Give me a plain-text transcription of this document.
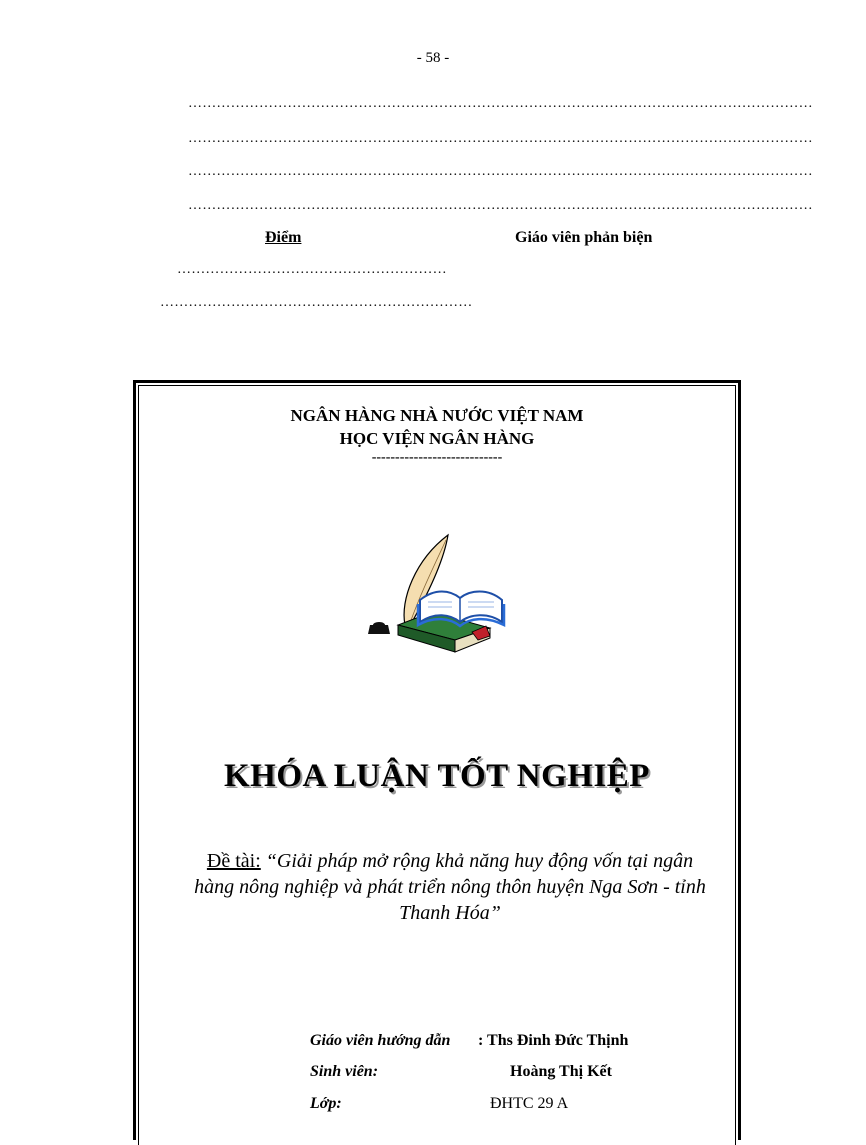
- 58 -
……………………………………………………………………………………………………………………
……………………………………………………………………………………………………………………
……………………………………………………………………………………………………………………
……………………………………………………………………………………………………………………
Điểm	Giáo viên phản biện
…………………………………………………
…………………………………………………………
NGÂN HÀNG NHÀ NƯỚC VIỆT NAM
HỌC VIỆN NGÂN HÀNG
----------------------------
KHÓA LUẬN TỐT NGHIỆP
Đề tài: “Giải pháp mở rộng khả năng huy động vốn tại ngân hàng nông nghiệp và phát triển nông thôn huyện Nga Sơn - tỉnh Thanh Hóa”
Giáo viên hướng dẫn : Ths Đinh Đức Thịnh
Sinh viên:	Hoàng Thị Kết
Lớp:	ĐHTC 29 A
